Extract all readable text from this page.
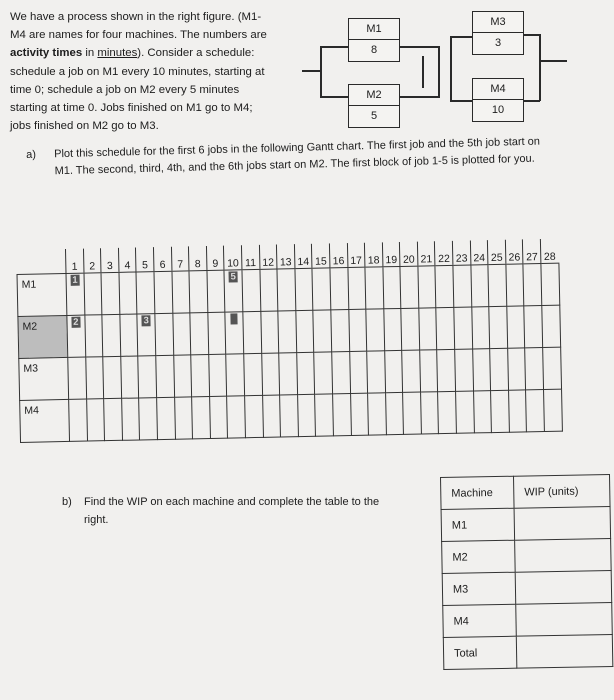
We have a process shown in the right figure. (M1-
M4 are names for four machines. The numbers are
activity times in minutes). Consider a schedule:
schedule a job on M1 every 10 minutes, starting at
time 0; schedule a job on M2 every 5 minutes
starting at time 0. Jobs finished on M1 go to M4;
jobs finished on M2 go to M3.
M1
8
M2
5
M3
3
M4
10
a) Plot this schedule for the first 6 jobs in the following Gantt chart. The first job and the 5th job start on M1. The second, third, 4th, and the 6th jobs start on M2. The first block of job 1-5 is plotted for you.
	1	2	3	4	5	6	7	8	9	10	11	12	13	14	15	16	17	18	19	20	21	22	23	24	25	26	27	28
M1	1									5																		
M2	2				3																							
M3																												
M4																												
b) Find the WIP on each machine and complete the table to the right.
Machine	WIP (units)
M1	
M2	
M3	
M4	
Total	
